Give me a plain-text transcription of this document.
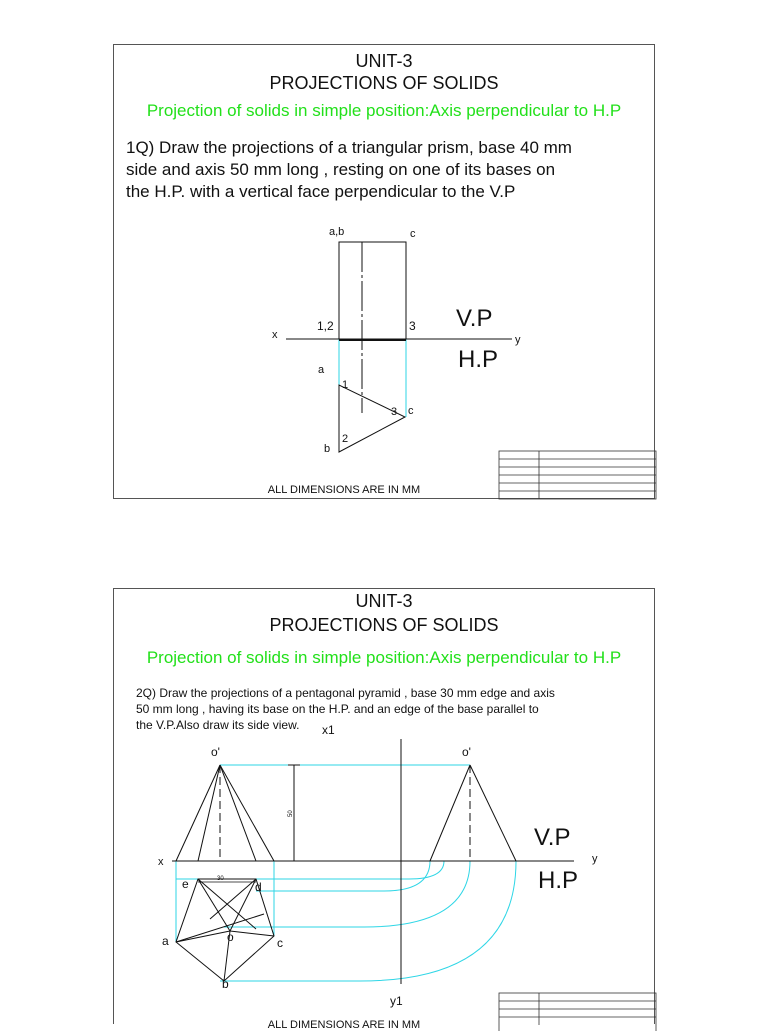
UNIT-3
PROJECTIONS OF SOLIDS
Projection of solids in simple position:Axis perpendicular to H.P
1Q) Draw the projections of a triangular prism, base 40 mm
side and axis 50 mm long , resting on one of its bases on
the H.P. with a vertical face perpendicular to the V.P
a,b	c
x
1,2	3 V.P
H.P
y
a
b
c
1
2
3
ALL DIMENSIONS ARE IN MM
UNIT-3
PROJECTIONS OF SOLIDS
Projection of solids in simple position:Axis perpendicular to H.P
2Q) Draw the projections of a pentagonal pyramid , base 30 mm edge and axis
50 mm long , having its base on the H.P. and an edge of the base parallel to
the V.P.Also draw its side view.
50
30
o'	o'
x
V.P
H.P
y
e	d
o
a	c
b
y1
x1
ALL DIMENSIONS ARE IN MM
